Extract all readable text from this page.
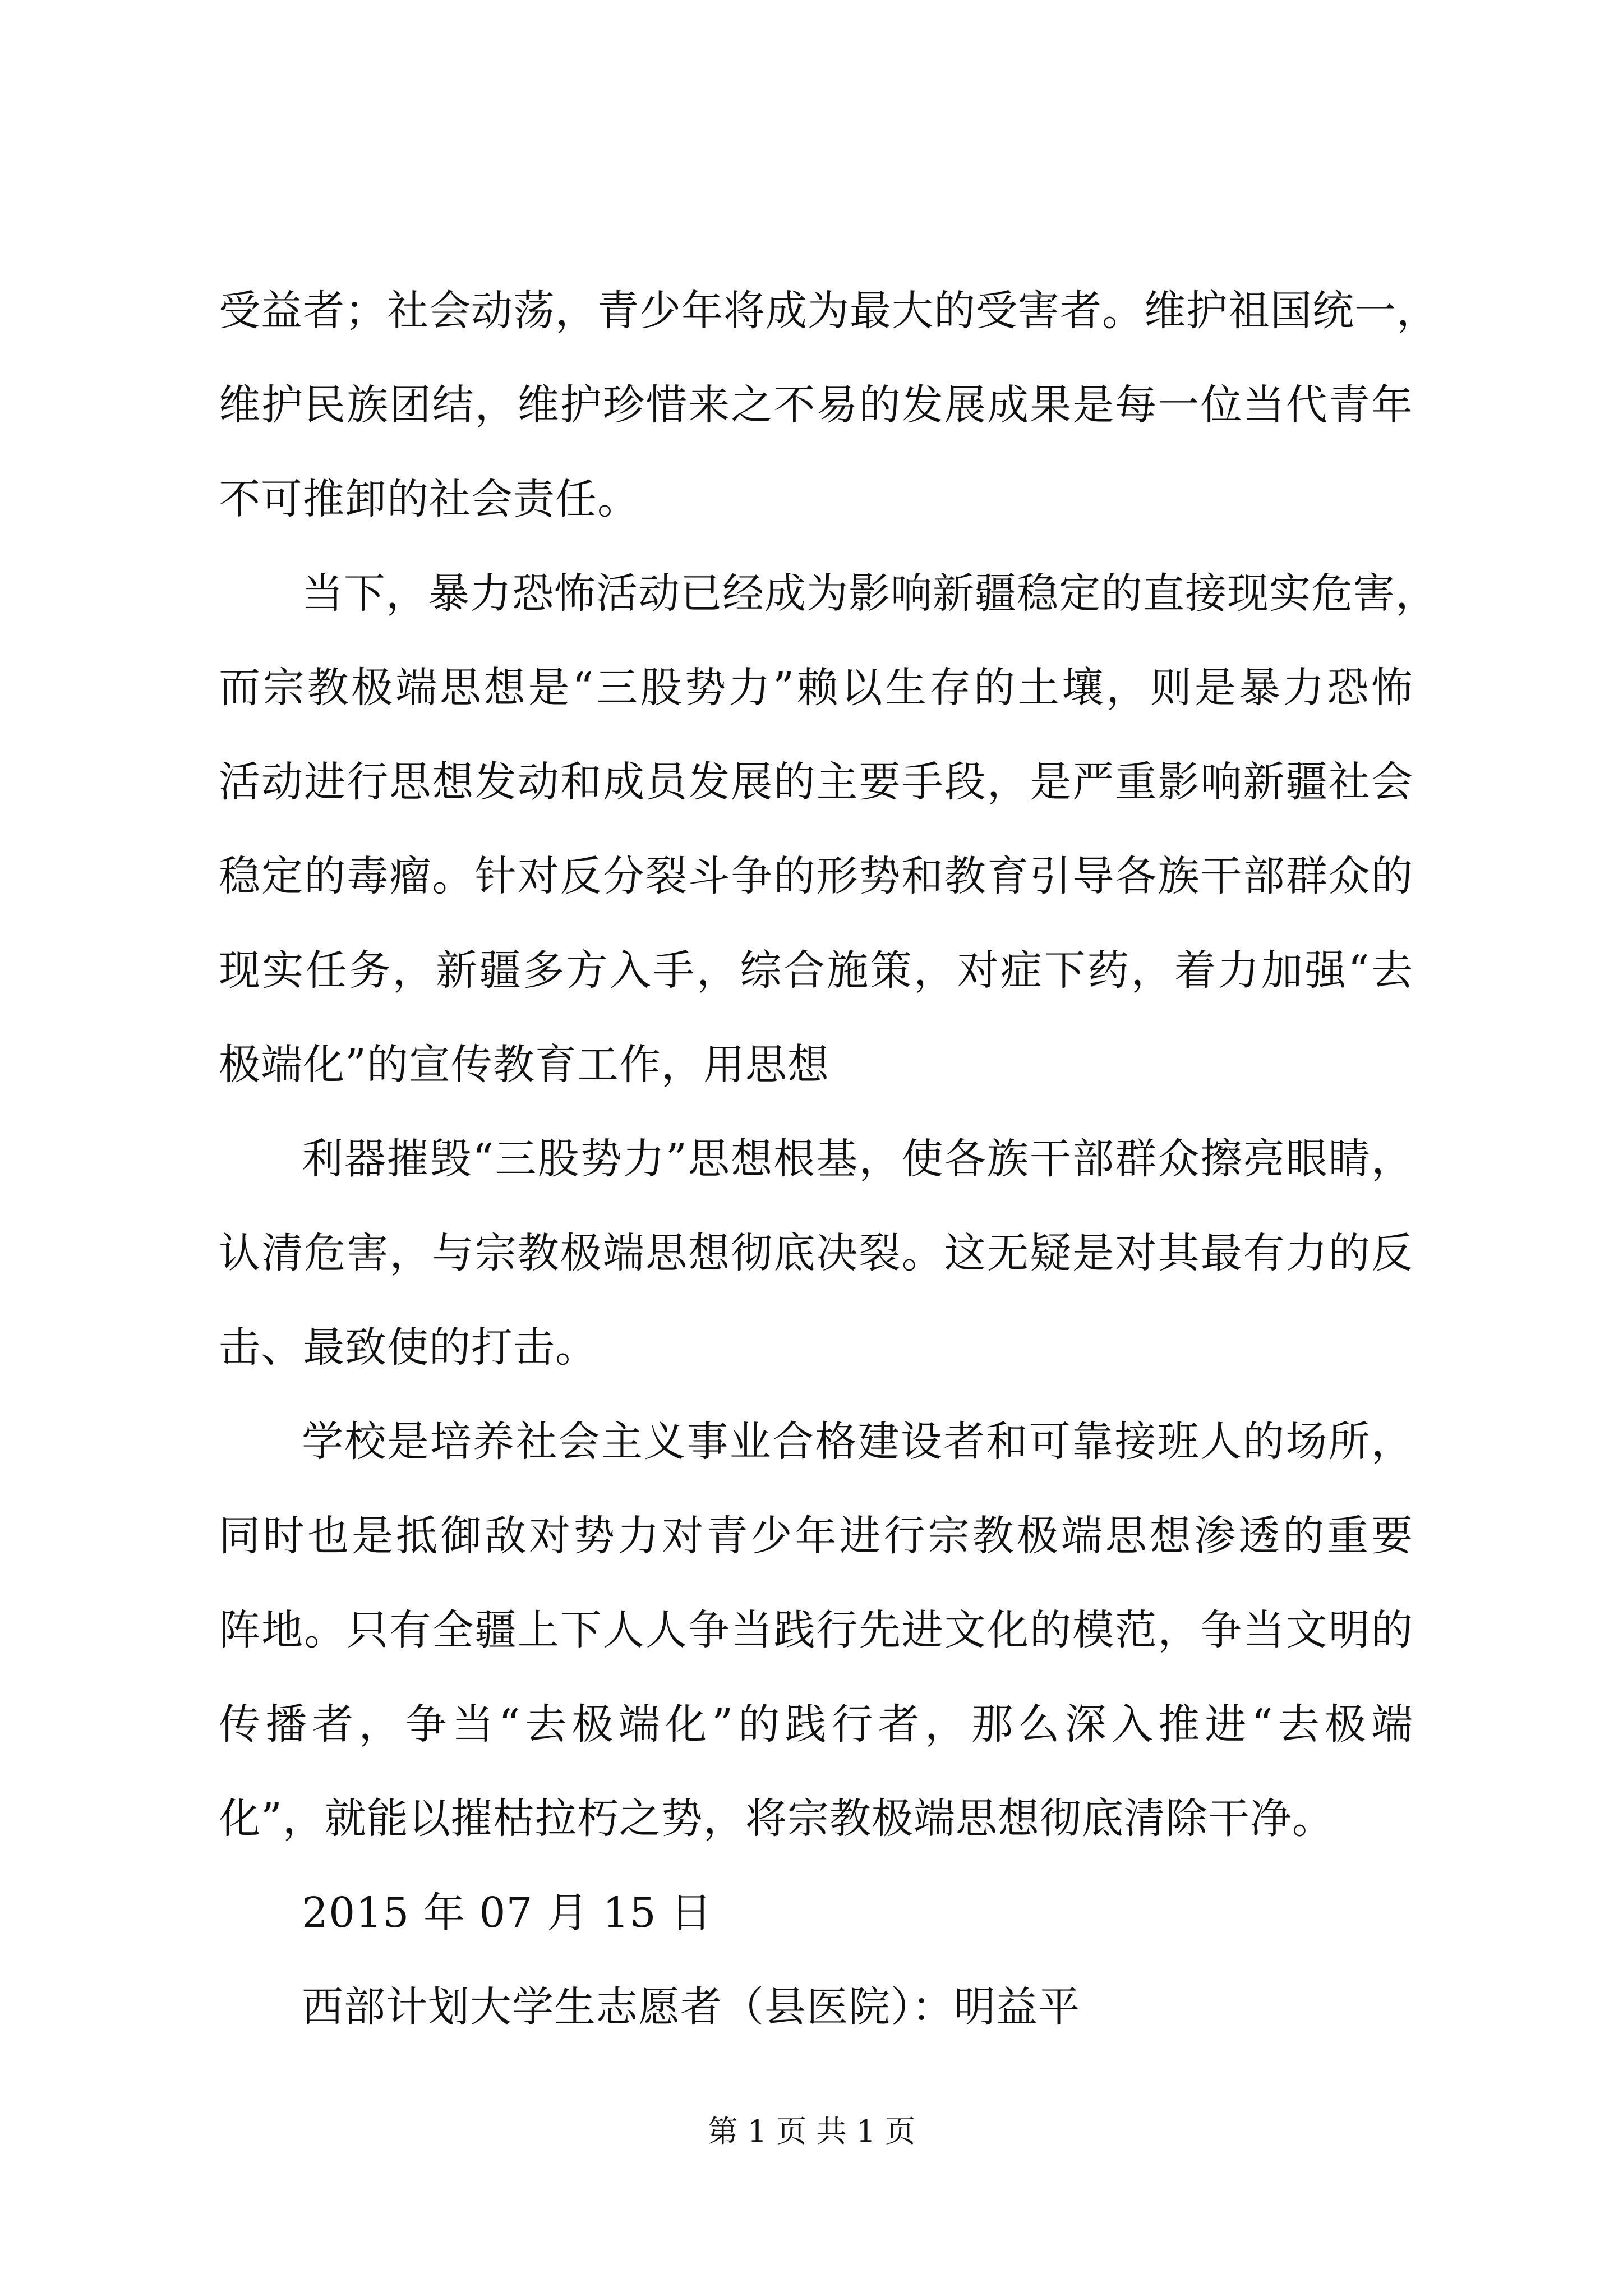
受益者；社会动荡，青少年将成为最大的受害者。维护祖国统一，
维护民族团结，维护珍惜来之不易的发展成果是每一位当代青年
不可推卸的社会责任。
当下，暴力恐怖活动已经成为影响新疆稳定的直接现实危害，
而宗教极端思想是“三股势力”赖以生存的土壤，则是暴力恐怖
活动进行思想发动和成员发展的主要手段，是严重影响新疆社会
稳定的毒瘤。针对反分裂斗争的形势和教育引导各族干部群众的
现实任务，新疆多方入手，综合施策，对症下药，着力加强“去
极端化”的宣传教育工作，用思想
利器摧毁“三股势力”思想根基，使各族干部群众擦亮眼睛，
认清危害，与宗教极端思想彻底决裂。这无疑是对其最有力的反
击、最致使的打击。
学校是培养社会主义事业合格建设者和可靠接班人的场所，
同时也是抵御敌对势力对青少年进行宗教极端思想渗透的重要
阵地。只有全疆上下人人争当践行先进文化的模范，争当文明的
传播者，争当“去极端化”的践行者，那么深入推进“去极端
化”，就能以摧枯拉朽之势，将宗教极端思想彻底清除干净。
2015 年 07 月 15 日
西部计划大学生志愿者（县医院）：明益平
第 1 页 共 1 页
